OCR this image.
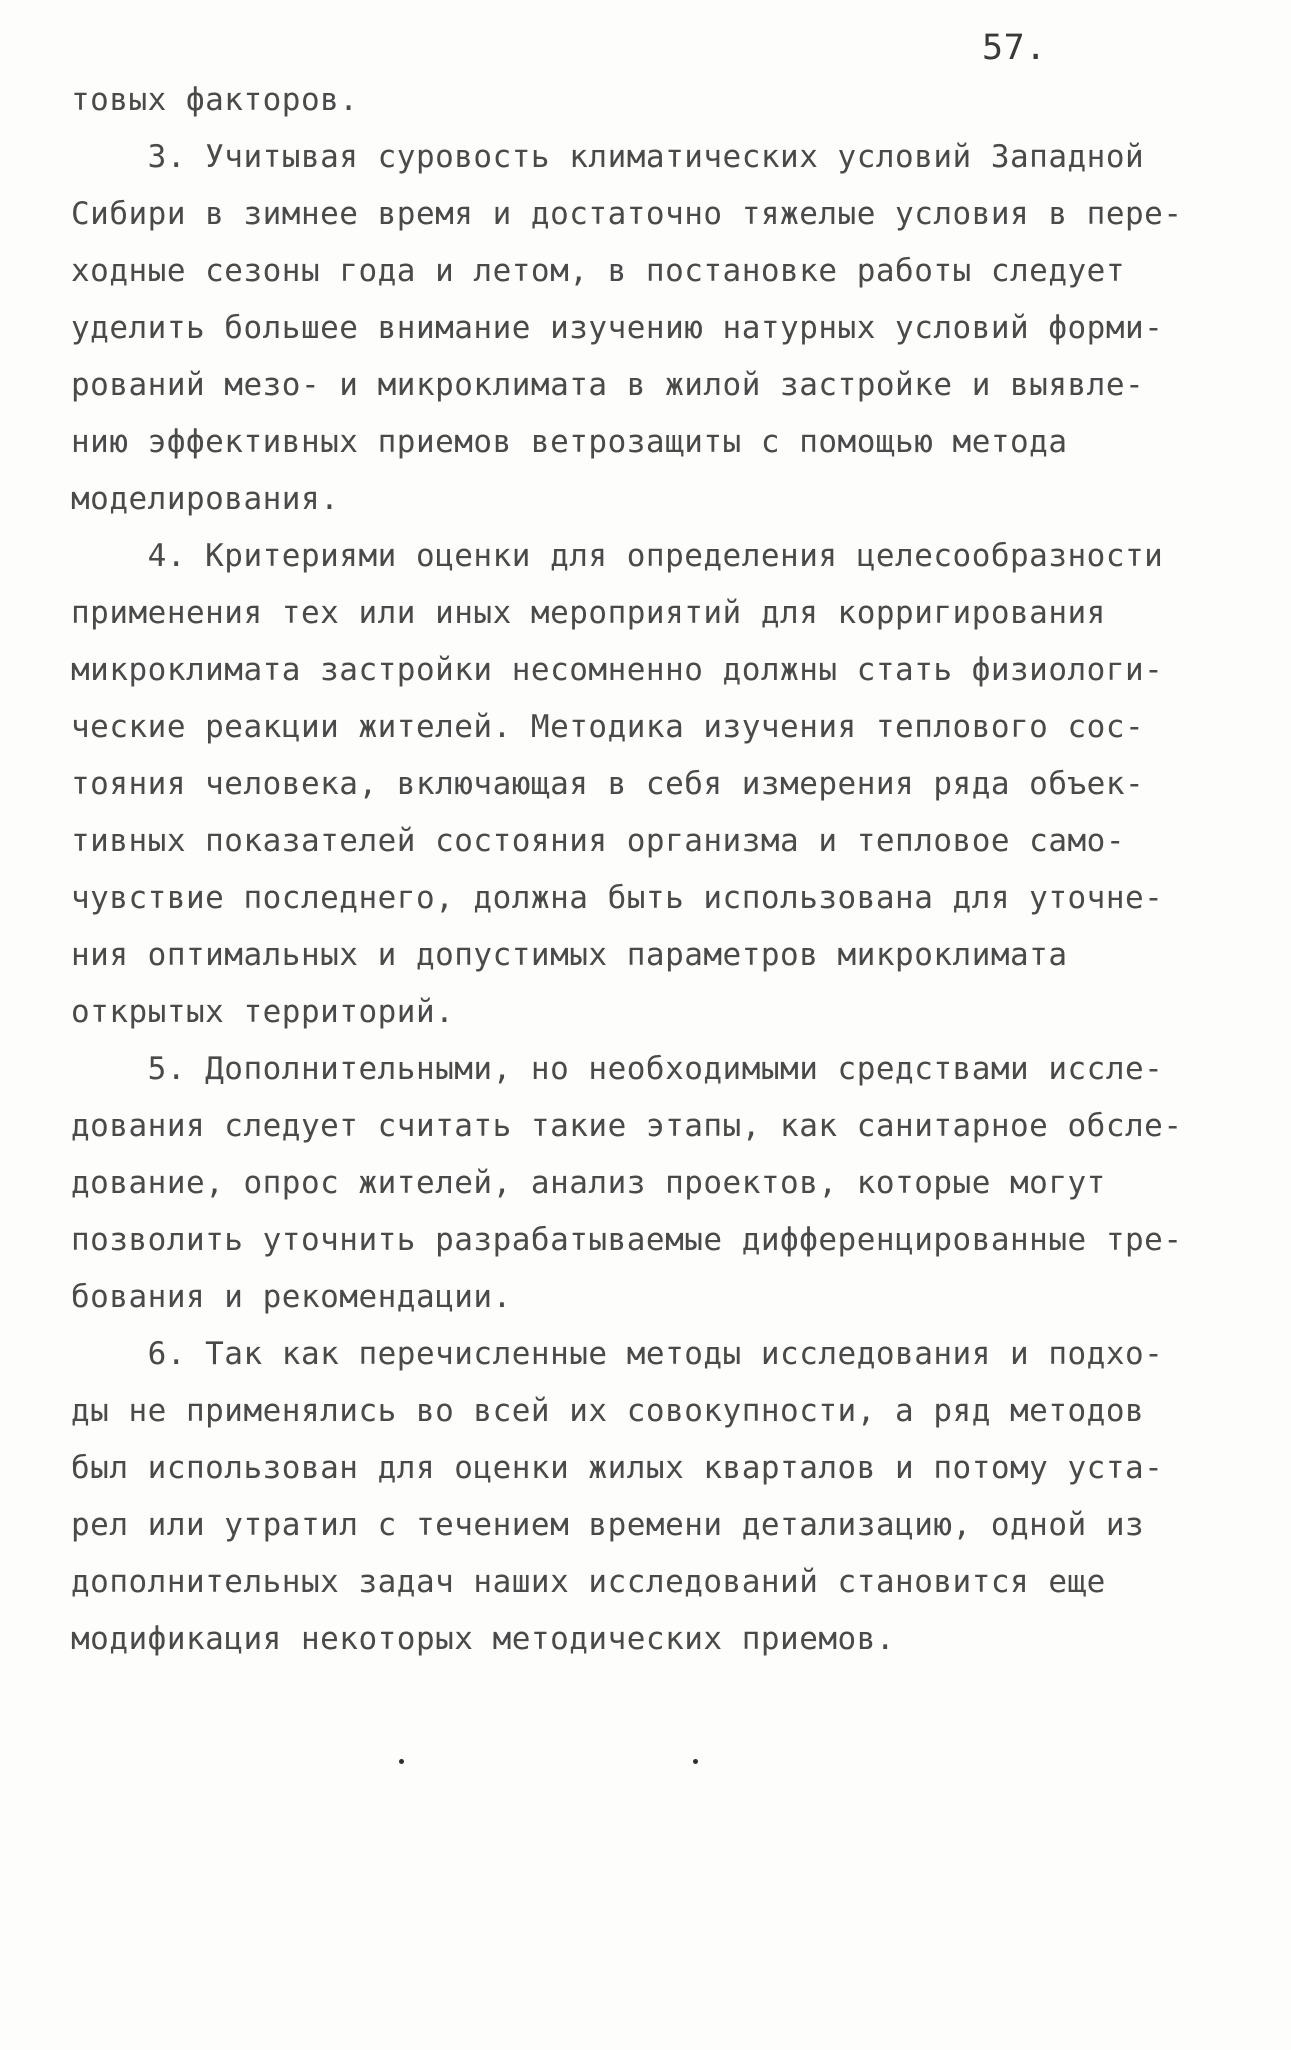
57.
товых факторов.
3. Учитывая суровость климатических условий Западной
Сибири в зимнее время и достаточно тяжелые условия в пере-
ходные сезоны года и летом, в постановке работы следует
уделить большее внимание изучению натурных условий форми-
рований мезо- и микроклимата в жилой застройке и выявле-
нию эффективных приемов ветрозащиты с помощью метода
моделирования.
4. Критериями оценки для определения целесообразности
применения тех или иных мероприятий для корригирования
микроклимата застройки несомненно должны стать физиологи-
ческие реакции жителей. Методика изучения теплового сос-
тояния человека, включающая в себя измерения ряда объек-
тивных показателей состояния организма и тепловое само-
чувствие последнего, должна быть использована для уточне-
ния оптимальных и допустимых параметров микроклимата
открытых территорий.
5. Дополнительными, но необходимыми средствами иссле-
дования следует считать такие этапы, как санитарное обсле-
дование, опрос жителей, анализ проектов, которые могут
позволить уточнить разрабатываемые дифференцированные тре-
бования и рекомендации.
6. Так как перечисленные методы исследования и подхо-
ды не применялись во всей их совокупности, а ряд методов
был использован для оценки жилых кварталов и потому уста-
рел или утратил с течением времени детализацию, одной из
дополнительных задач наших исследований становится еще
модификация некоторых методических приемов.
